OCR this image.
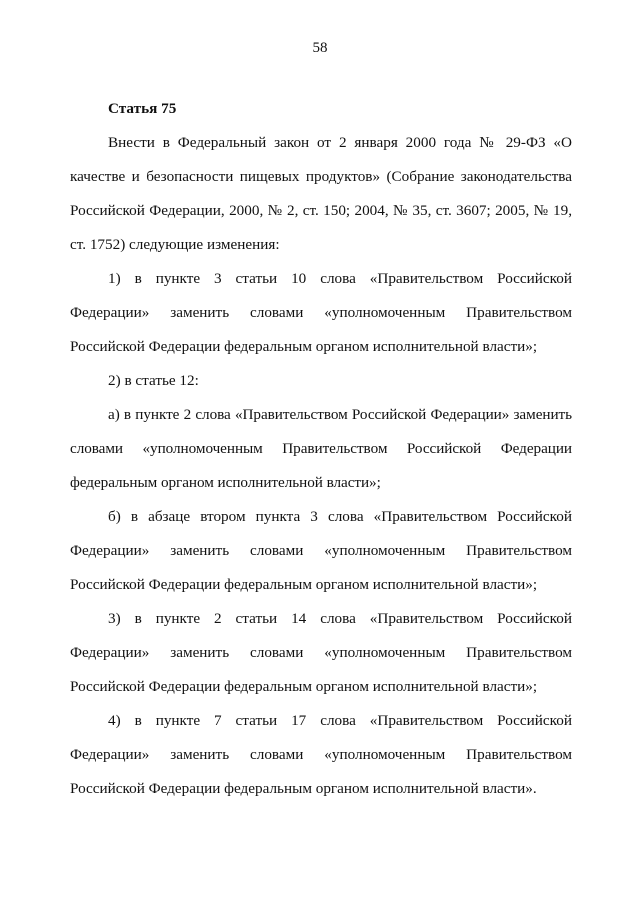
58

Статья 75

Внести в Федеральный закон от 2 января 2000 года № 29-ФЗ «О качестве и безопасности пищевых продуктов» (Собрание законодательства Российской Федерации, 2000, № 2, ст. 150; 2004, № 35, ст. 3607; 2005, № 19, ст. 1752) следующие изменения:

1) в пункте 3 статьи 10 слова «Правительством Российской Федерации» заменить словами «уполномоченным Правительством Российской Федерации федеральным органом исполнительной власти»;

2) в статье 12:

а) в пункте 2 слова «Правительством Российской Федерации» заменить словами «уполномоченным Правительством Российской Федерации федеральным органом исполнительной власти»;

б) в абзаце втором пункта 3 слова «Правительством Российской Федерации» заменить словами «уполномоченным Правительством Российской Федерации федеральным органом исполнительной власти»;

3) в пункте 2 статьи 14 слова «Правительством Российской Федерации» заменить словами «уполномоченным Правительством Российской Федерации федеральным органом исполнительной власти»;

4) в пункте 7 статьи 17 слова «Правительством Российской Федерации» заменить словами «уполномоченным Правительством Российской Федерации федеральным органом исполнительной власти».
